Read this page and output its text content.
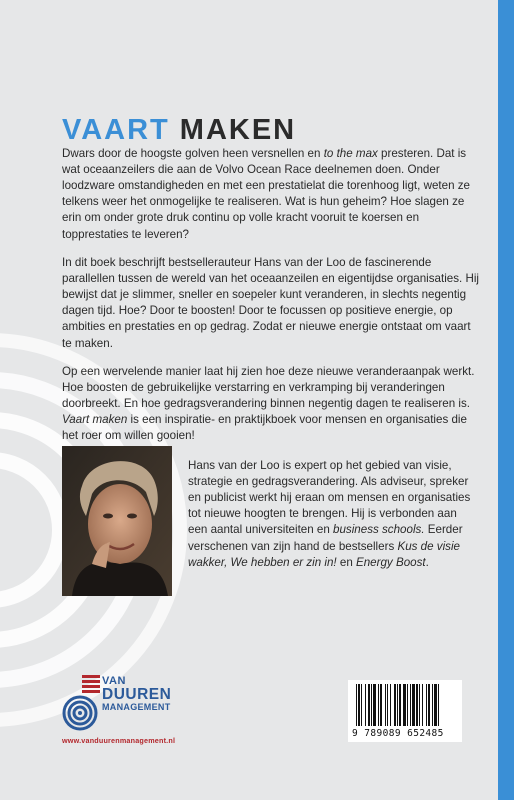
VAART MAKEN

Dwars door de hoogste golven heen versnellen en to the max presteren. Dat is wat oceaanzeilers die aan de Volvo Ocean Race deelnemen doen. Onder loodzware omstandigheden en met een prestatielat die torenhoog ligt, weten ze telkens weer het onmogelijke te realiseren. Wat is hun geheim? Hoe slagen ze erin om onder grote druk continu op volle kracht vooruit te koersen en topprestaties te leveren?

In dit boek beschrijft bestsellerauteur Hans van der Loo de fascinerende parallellen tussen de wereld van het oceaanzeilen en eigentijdse organisaties. Hij bewijst dat je slimmer, sneller en soepeler kunt veranderen, in slechts negentig dagen tijd. Hoe? Door te boosten! Door te focussen op positieve energie, op ambities en prestaties en op gedrag. Zodat er nieuwe energie ontstaat om vaart te maken.

Op een wervelende manier laat hij zien hoe deze nieuwe veranderaanpak werkt. Hoe boosten de gebruikelijke verstarring en verkramping bij veranderingen doorbreekt. En hoe gedragsverandering binnen negentig dagen te realiseren is. Vaart maken is een inspiratie- en praktijkboek voor mensen en organisaties die het roer om willen gooien!

Hans van der Loo is expert op het gebied van visie, strategie en gedragsverandering. Als adviseur, spreker en publicist werkt hij eraan om mensen en organisaties tot nieuwe hoogten te brengen. Hij is verbonden aan een aantal universiteiten en business schools. Eerder verschenen van zijn hand de bestsellers Kus de visie wakker, We hebben er zin in! en Energy Boost.

VAN
DUUREN
MANAGEMENT
www.vanduurenmanagement.nl
9 789089 652485
